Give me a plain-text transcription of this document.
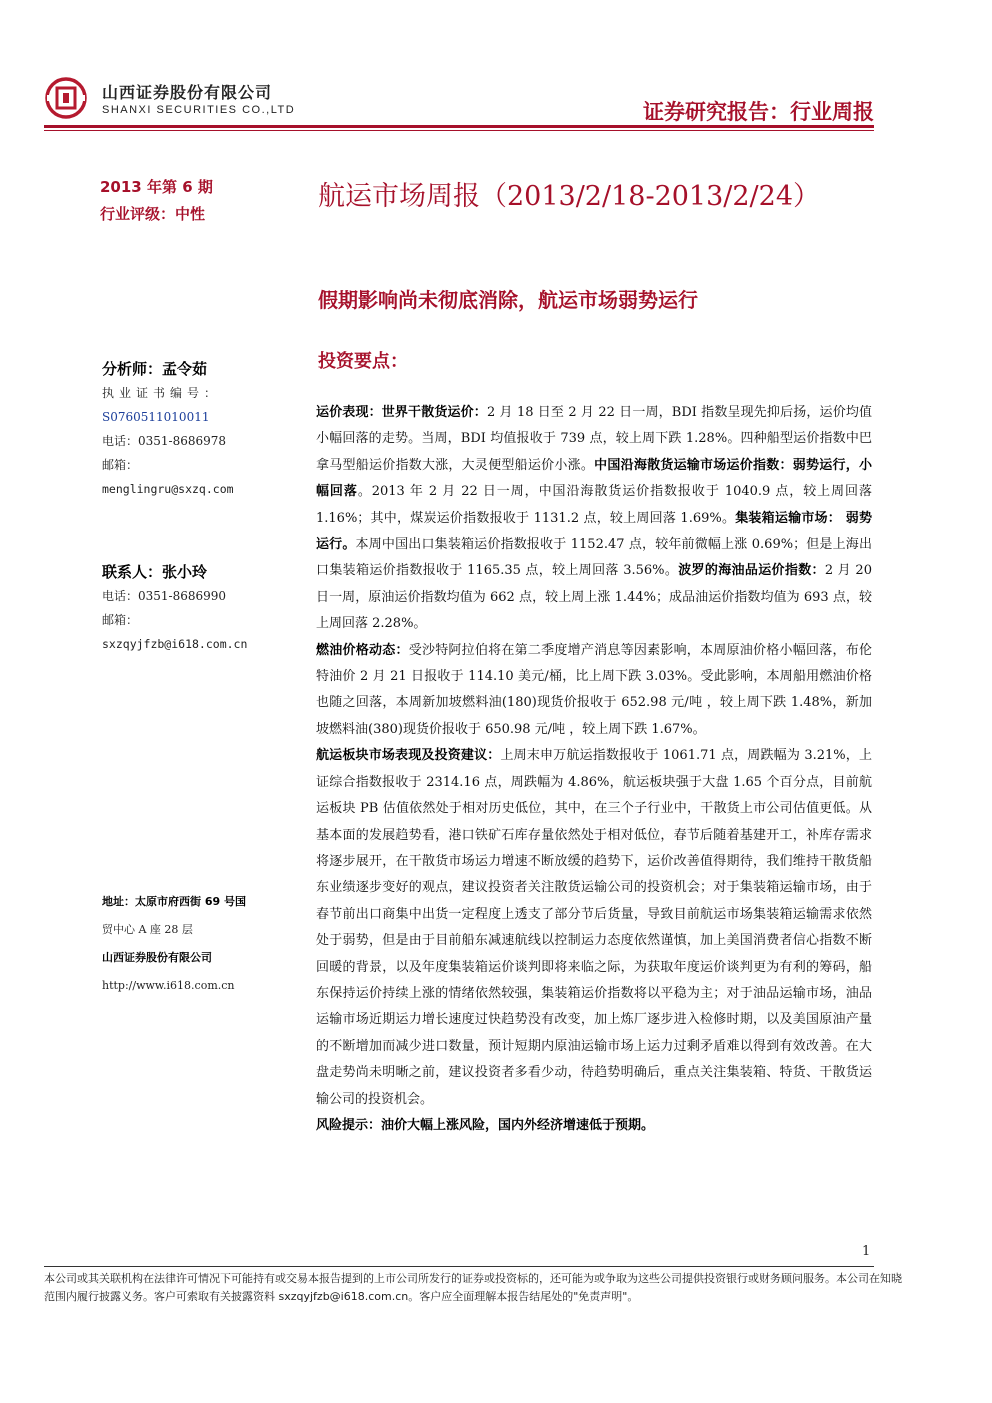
山西证券股份有限公司
SHANXI SECURITIES CO.,LTD	证券研究报告：行业周报
2013 年第 6 期
行业评级：中性
航运市场周报（2013/2/18-2013/2/24）
假期影响尚未彻底消除，航运市场弱势运行
投资要点：
分析师：孟令茹
执业证书编号：
S0760511010011
电话：0351-8686978
邮箱：
menglingru@sxzq.com
联系人：张小玲
电话：0351-8686990
邮箱：
sxzqyjfzb@i618.com.cn
地址：太原市府西街 69 号国
贸中心 A 座 28 层
山西证券股份有限公司
http://www.i618.com.cn

运价表现：世界干散货运价：2 月 18 日至 2 月 22 日一周，BDI 指数呈现先抑后扬，运价均值小幅回落的走势。当周，BDI 均值报收于 739 点，较上周下跌 1.28%。四种船型运价指数中巴拿马型船运价指数大涨，大灵便型船运价小涨。中国沿海散货运输市场运价指数：弱势运行，小幅回落。2013 年 2 月 22 日一周，中国沿海散货运价指数报收于 1040.9 点，较上周回落 1.16%；其中，煤炭运价指数报收于 1131.2 点，较上周回落 1.69%。集装箱运输市场： 弱势运行。本周中国出口集装箱运价指数报收于 1152.47 点，较年前微幅上涨 0.69%；但是上海出口集装箱运价指数报收于 1165.35 点，较上周回落 3.56%。波罗的海油品运价指数：2 月 20 日一周，原油运价指数均值为 662 点，较上周上涨 1.44%；成品油运价指数均值为 693 点，较上周回落 2.28%。

燃油价格动态：受沙特阿拉伯将在第二季度增产消息等因素影响，本周原油价格小幅回落，布伦特油价 2 月 21 日报收于 114.10 美元/桶，比上周下跌 3.03%。受此影响，本周船用燃油价格也随之回落，本周新加坡燃料油(180)现货价报收于 652.98 元/吨 ，较上周下跌 1.48%，新加坡燃料油(380)现货价报收于 650.98 元/吨 ，较上周下跌 1.67%。

航运板块市场表现及投资建议：上周末申万航运指数报收于 1061.71 点，周跌幅为 3.21%，上证综合指数报收于 2314.16 点，周跌幅为 4.86%，航运板块强于大盘 1.65 个百分点，目前航运板块 PB 估值依然处于相对历史低位，其中，在三个子行业中，干散货上市公司估值更低。从基本面的发展趋势看，港口铁矿石库存量依然处于相对低位，春节后随着基建开工，补库存需求将逐步展开，在干散货市场运力增速不断放缓的趋势下，运价改善值得期待，我们维持干散货船东业绩逐步变好的观点，建议投资者关注散货运输公司的投资机会；对于集装箱运输市场，由于春节前出口商集中出货一定程度上透支了部分节后货量，导致目前航运市场集装箱运输需求依然处于弱势，但是由于目前船东减速航线以控制运力态度依然谨慎，加上美国消费者信心指数不断回暖的背景，以及年度集装箱运价谈判即将来临之际，为获取年度运价谈判更为有利的筹码，船东保持运价持续上涨的情绪依然较强，集装箱运价指数将以平稳为主；对于油品运输市场，油品运输市场近期运力增长速度过快趋势没有改变，加上炼厂逐步进入检修时期，以及美国原油产量的不断增加而减少进口数量，预计短期内原油运输市场上运力过剩矛盾难以得到有效改善。在大盘走势尚未明晰之前，建议投资者多看少动，待趋势明确后，重点关注集装箱、特货、干散货运输公司的投资机会。

风险提示：油价大幅上涨风险，国内外经济增速低于预期。

1
本公司或其关联机构在法律许可情况下可能持有或交易本报告提到的上市公司所发行的证券或投资标的，还可能为或争取为这些公司提供投资银行或财务顾问服务。本公司在知晓范围内履行披露义务。客户可索取有关披露资料 sxzqyjfzb@i618.com.cn。客户应全面理解本报告结尾处的"免责声明"。
